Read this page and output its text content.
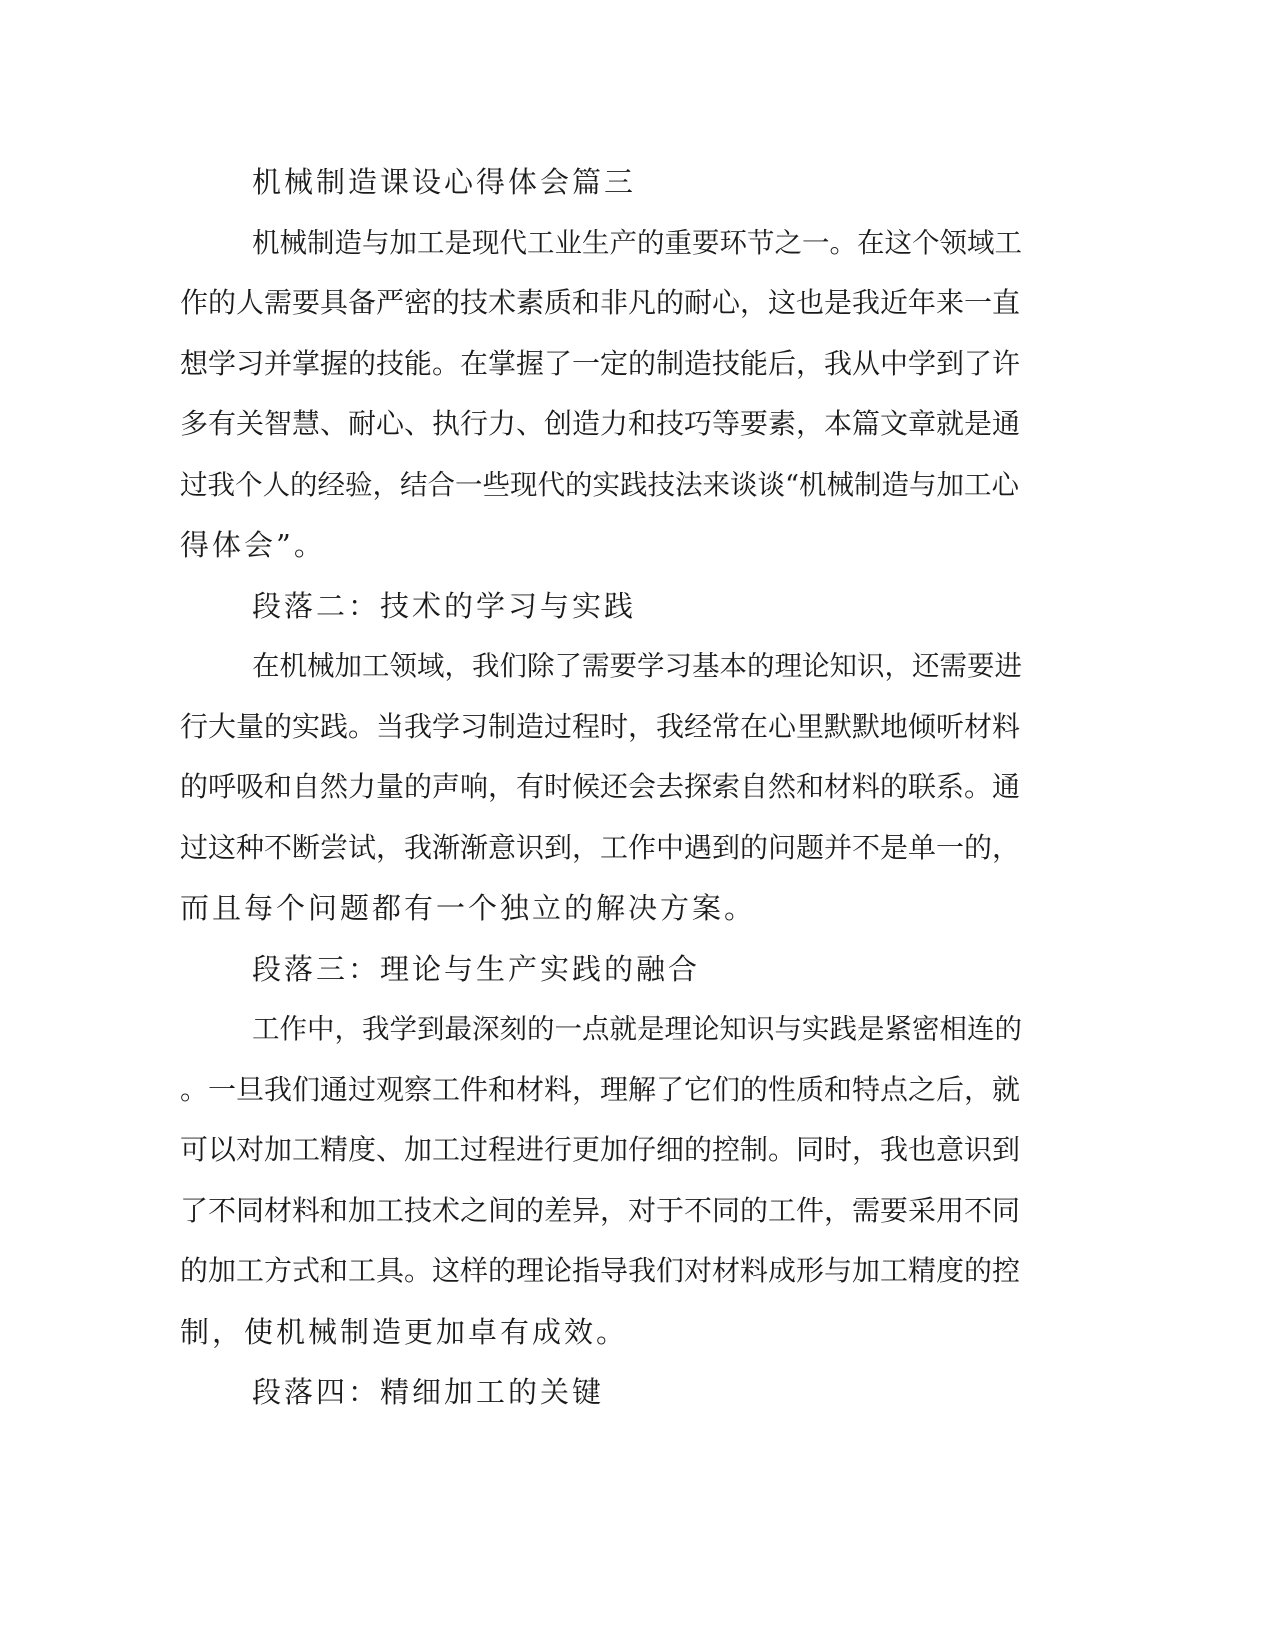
机械制造课设心得体会篇三
机械制造与加工是现代工业生产的重要环节之一。在这个领域工
作的人需要具备严密的技术素质和非凡的耐心，这也是我近年来一直
想学习并掌握的技能。在掌握了一定的制造技能后，我从中学到了许
多有关智慧、耐心、执行力、创造力和技巧等要素，本篇文章就是通
过我个人的经验，结合一些现代的实践技法来谈谈“机械制造与加工心
得体会”。
段落二：技术的学习与实践
在机械加工领域，我们除了需要学习基本的理论知识，还需要进
行大量的实践。当我学习制造过程时，我经常在心里默默地倾听材料
的呼吸和自然力量的声响，有时候还会去探索自然和材料的联系。通
过这种不断尝试，我渐渐意识到，工作中遇到的问题并不是单一的，
而且每个问题都有一个独立的解决方案。
段落三：理论与生产实践的融合
工作中，我学到最深刻的一点就是理论知识与实践是紧密相连的
。一旦我们通过观察工件和材料，理解了它们的性质和特点之后，就
可以对加工精度、加工过程进行更加仔细的控制。同时，我也意识到
了不同材料和加工技术之间的差异，对于不同的工件，需要采用不同
的加工方式和工具。这样的理论指导我们对材料成形与加工精度的控
制，使机械制造更加卓有成效。
段落四：精细加工的关键
